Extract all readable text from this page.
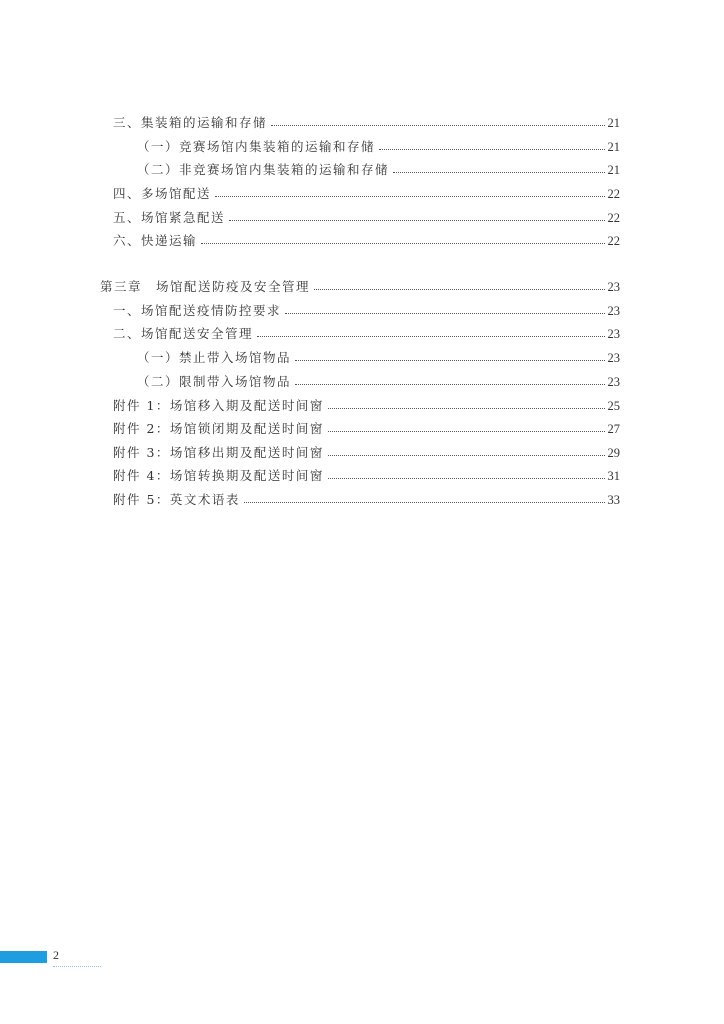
三、集装箱的运输和存储	21
（一）竞赛场馆内集装箱的运输和存储	21
（二）非竞赛场馆内集装箱的运输和存储	21
四、多场馆配送	22
五、场馆紧急配送	22
六、快递运输	22
第三章　场馆配送防疫及安全管理	23
一、场馆配送疫情防控要求	23
二、场馆配送安全管理	23
（一）禁止带入场馆物品	23
（二）限制带入场馆物品	23
附件 1：场馆移入期及配送时间窗	25
附件 2：场馆锁闭期及配送时间窗	27
附件 3：场馆移出期及配送时间窗	29
附件 4：场馆转换期及配送时间窗	31
附件 5：英文术语表	33
2
